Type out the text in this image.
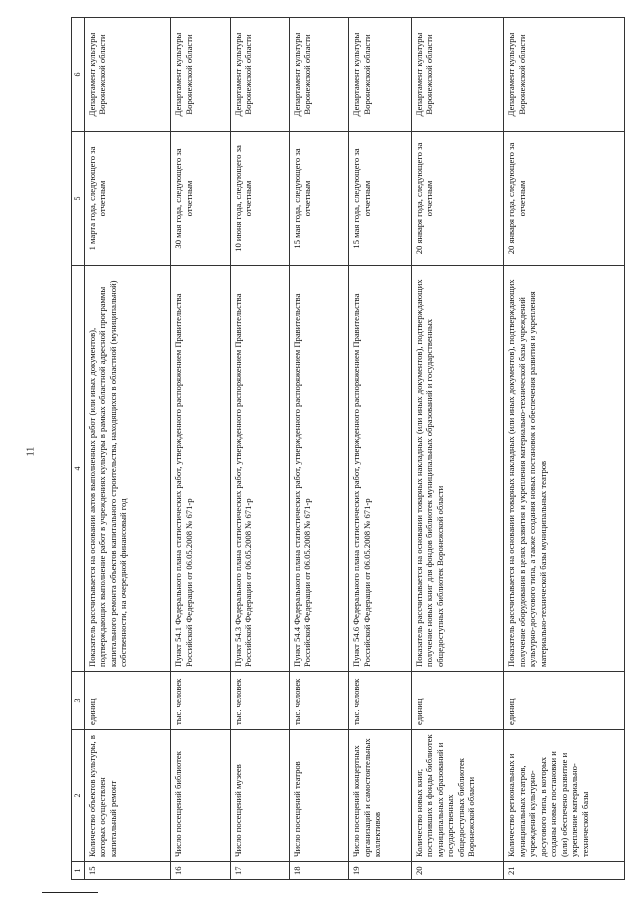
11
1	2	3	4	5	6
15	Количество объектов культуры, в которых осуществлен капитальный ремонт	единиц	Показатель рассчитывается на основании актов выполненных работ (или иных документов), подтверждающих выполнение работ в учреждениях культуры в рамках областной адресной программы капитального ремонта объектов капитального строительства, находящихся в областной (муниципальной) собственности, на очередной финансовый год	1 марта года, следующего за отчетным	Департамент культуры Воронежской области
16	Число посещений библиотек	тыс. человек	Пункт 54.1 Федерального плана статистических работ, утвержденного распоряжением Правительства Российской Федерации от 06.05.2008 № 671-р	30 мая года, следующего за отчетным	Департамент культуры Воронежской области
17	Число посещений музеев	тыс. человек	Пункт 54.3 Федерального плана статистических работ, утвержденного распоряжением Правительства Российской Федерации от 06.05.2008 № 671-р	10 июня года, следующего за отчетным	Департамент культуры Воронежской области
18	Число посещений театров	тыс. человек	Пункт 54.4 Федерального плана статистических работ, утвержденного распоряжением Правительства Российской Федерации от 06.05.2008 № 671-р	15 мая года, следующего за отчетным	Департамент культуры Воронежской области
19	Число посещений концертных организаций и самостоятельных коллективов	тыс. человек	Пункт 54.6 Федерального плана статистических работ, утвержденного распоряжением Правительства Российской Федерации от 06.05.2008 № 671-р	15 мая года, следующего за отчетным	Департамент культуры Воронежской области
20	Количество новых книг, поступивших в фонды библиотек муниципальных образований и государственных общедоступных библиотек Воронежской области	единиц	Показатель рассчитывается на основании товарных накладных (или иных документов), подтверждающих получение новых книг для фондов библиотек муниципальных образований и государственных общедоступных библиотек Воронежской области	20 января года, следующего за отчетным	Департамент культуры Воронежской области
21	Количество региональных и муниципальных театров, учреждений культурно-досугового типа, в которых созданы новые постановки и (или) обеспечено развитие и укрепление материально-технической базы	единиц	Показатель рассчитывается на основании товарных накладных (или иных документов), подтверждающих получение оборудования в целях развития и укрепления материально-технической базы учреждений культурно-досугового типа, а также создания новых постановок и обеспечения развития и укрепления материально-технической базы муниципальных театров	20 января года, следующего за отчетным	Департамент культуры Воронежской области
